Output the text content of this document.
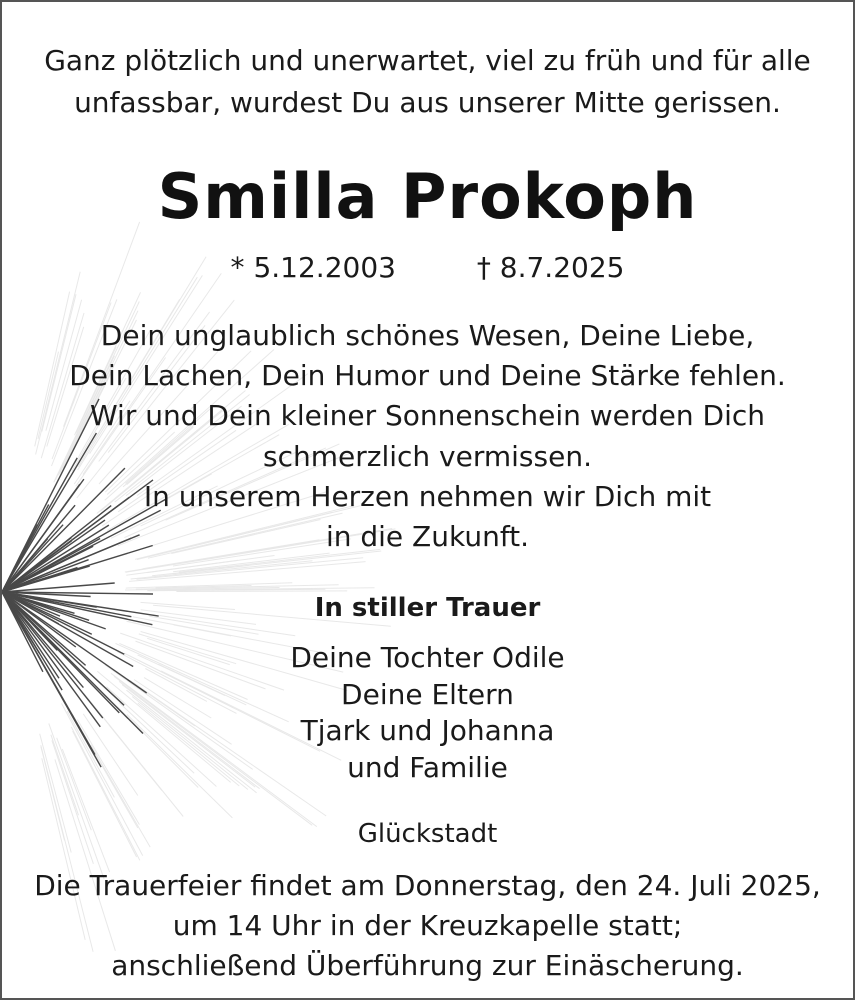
Ganz plötzlich und unerwartet, viel zu früh und für alle
unfassbar, wurdest Du aus unserer Mitte gerissen.
Smilla Prokoph
* 5.12.2003	† 8.7.2025
Dein unglaublich schönes Wesen, Deine Liebe,
Dein Lachen, Dein Humor und Deine Stärke fehlen.
Wir und Dein kleiner Sonnenschein werden Dich
schmerzlich vermissen.
In unserem Herzen nehmen wir Dich mit
in die Zukunft.
In stiller Trauer
Deine Tochter Odile
Deine Eltern
Tjark und Johanna
und Familie
Glückstadt
Die Trauerfeier findet am Donnerstag, den 24. Juli 2025,
um 14 Uhr in der Kreuzkapelle statt;
anschließend Überführung zur Einäscherung.
